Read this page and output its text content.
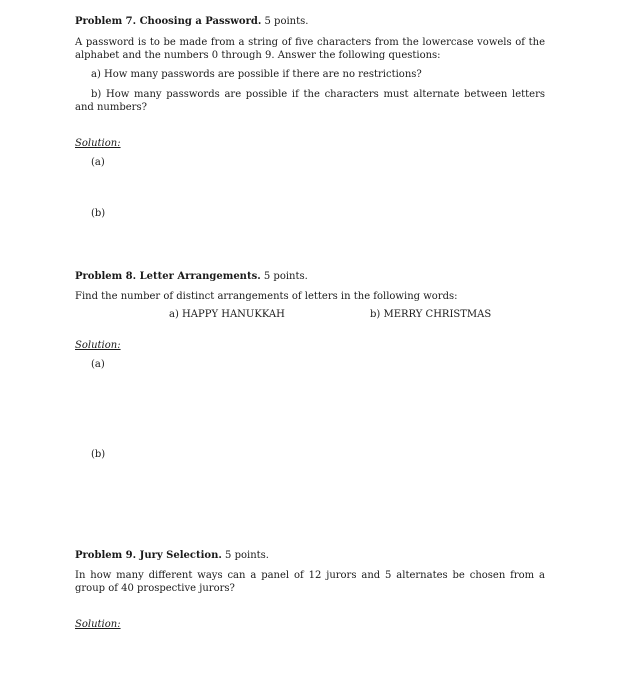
Problem 7. Choosing a Password. 5 points.
A password is to be made from a string of five characters from the lowercase vowels of the alphabet and the numbers 0 through 9. Answer the following questions:
a) How many passwords are possible if there are no restrictions?
b) How many passwords are possible if the characters must alternate between letters and numbers?
Solution:
(a)
(b)
Problem 8. Letter Arrangements. 5 points.
Find the number of distinct arrangements of letters in the following words:
a) HAPPY HANUKKAH	b) MERRY CHRISTMAS
Solution:
(a)
(b)
Problem 9. Jury Selection. 5 points.
In how many different ways can a panel of 12 jurors and 5 alternates be chosen from a group of 40 prospective jurors?
Solution:
